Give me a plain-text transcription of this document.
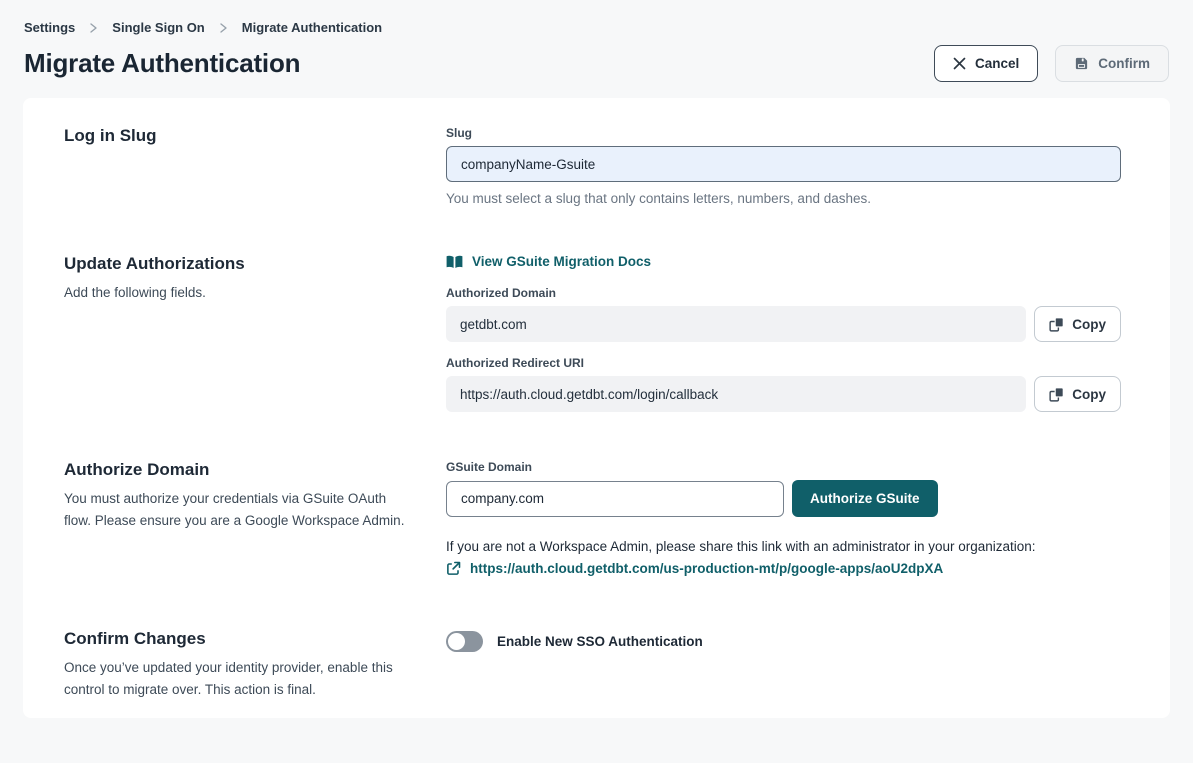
Settings	Single Sign On	Migrate Authentication
Migrate Authentication	Cancel	Confirm
Log in Slug	Slug
companyName-Gsuite
You must select a slug that only contains letters, numbers, and dashes.
Update Authorizations

Add the following fields.

View GSuite Migration Docs
Authorized Domain
getdbt.com	Copy
Authorized Redirect URI
https://auth.cloud.getdbt.com/login/callback	Copy
Authorize Domain

You must authorize your credentials via GSuite OAuth flow. Please ensure you are a Google Workspace Admin.

GSuite Domain
company.com
Authorize GSuite

If you are not a Workspace Admin, please share this link with an administrator in your organization:

https://auth.cloud.getdbt.com/us-production-mt/p/google-apps/aoU2dpXA
Confirm Changes

Once you’ve updated your identity provider, enable this control to migrate over. This action is final.

Enable New SSO Authentication
